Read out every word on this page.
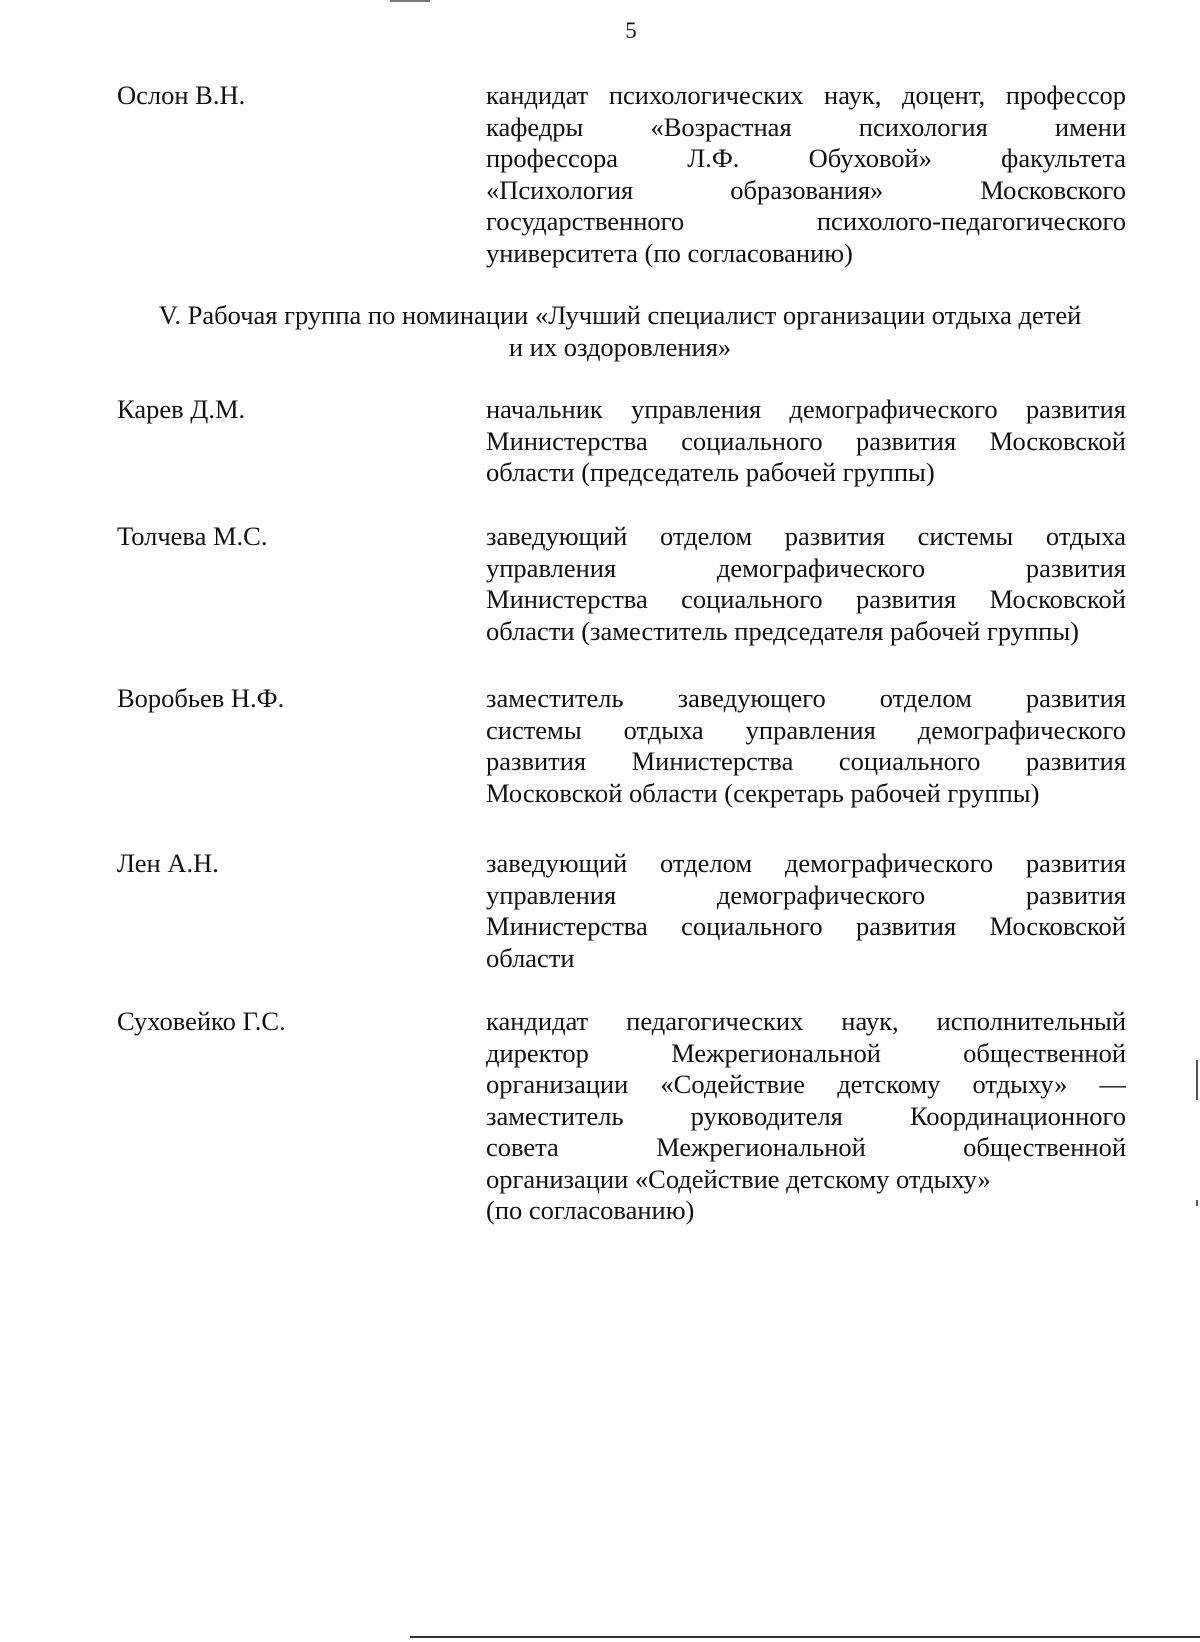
5
Ослон В.Н.	кандидат психологических наук, доцент, профессор
кафедры «Возрастная психология имени
профессора Л.Ф. Обуховой» факультета
«Психология образования» Московского
государственного психолого-педагогического
университета (по согласованию)
V. Рабочая группа по номинации «Лучший специалист организации отдыха детей
и их оздоровления»
Карев Д.М.	начальник управления демографического развития
Министерства социального развития Московской
области (председатель рабочей группы)
Толчева М.С.	заведующий отделом развития системы отдыха
управления демографического развития
Министерства социального развития Московской
области (заместитель председателя рабочей группы)
Воробьев Н.Ф.	заместитель заведующего отделом развития
системы отдыха управления демографического
развития Министерства социального развития
Московской области (секретарь рабочей группы)
Лен А.Н.	заведующий отделом демографического развития
управления демографического развития
Министерства социального развития Московской
области
Суховейко Г.С.	кандидат педагогических наук, исполнительный
директор Межрегиональной общественной
организации «Содействие детскому отдыху» —
заместитель руководителя Координационного
совета Межрегиональной общественной
организации «Содействие детскому отдыху»
(по согласованию)
